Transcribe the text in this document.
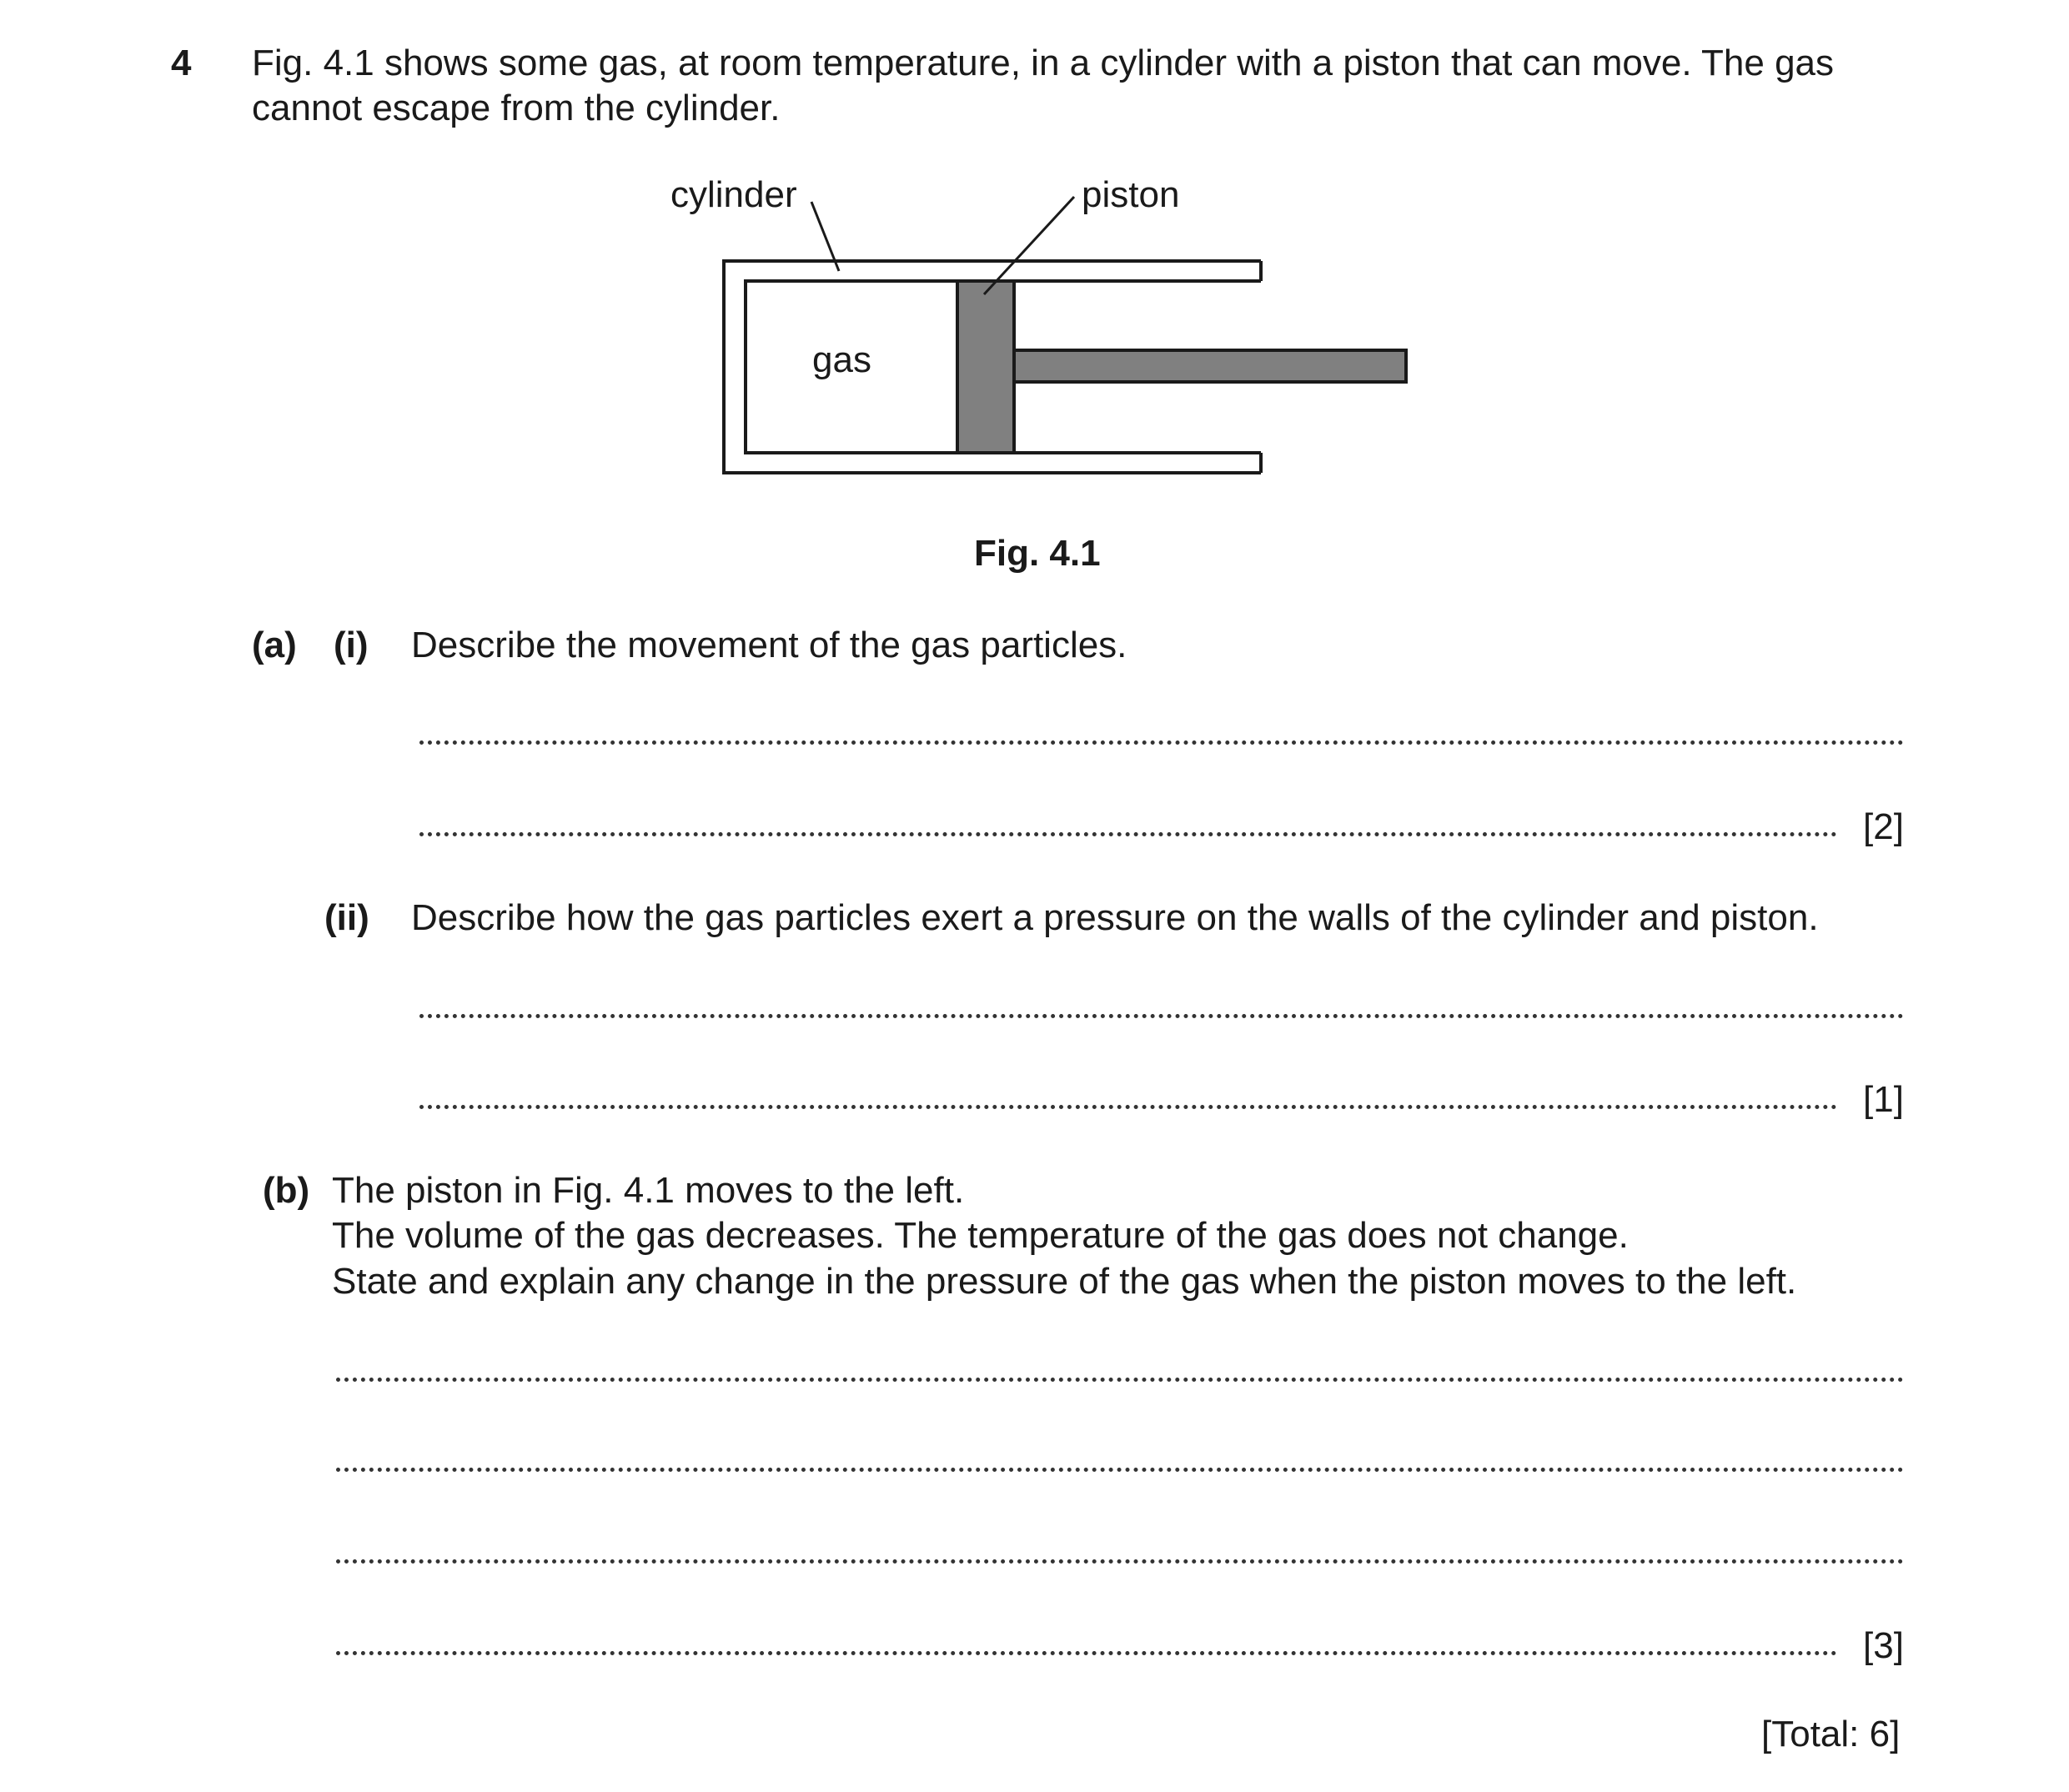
4 Fig. 4.1 shows some gas, at room temperature, in a cylinder with a piston that can move. The gas
cannot escape from the cylinder.
cylinder	piston
gas
Fig. 4.1
(a) (i) Describe the movement of the gas particles.
[2]
(ii) Describe how the gas particles exert a pressure on the walls of the cylinder and piston.
[1]
(b) The piston in Fig. 4.1 moves to the left.
The volume of the gas decreases. The temperature of the gas does not change.
State and explain any change in the pressure of the gas when the piston moves to the left.
[3]
[Total: 6]
